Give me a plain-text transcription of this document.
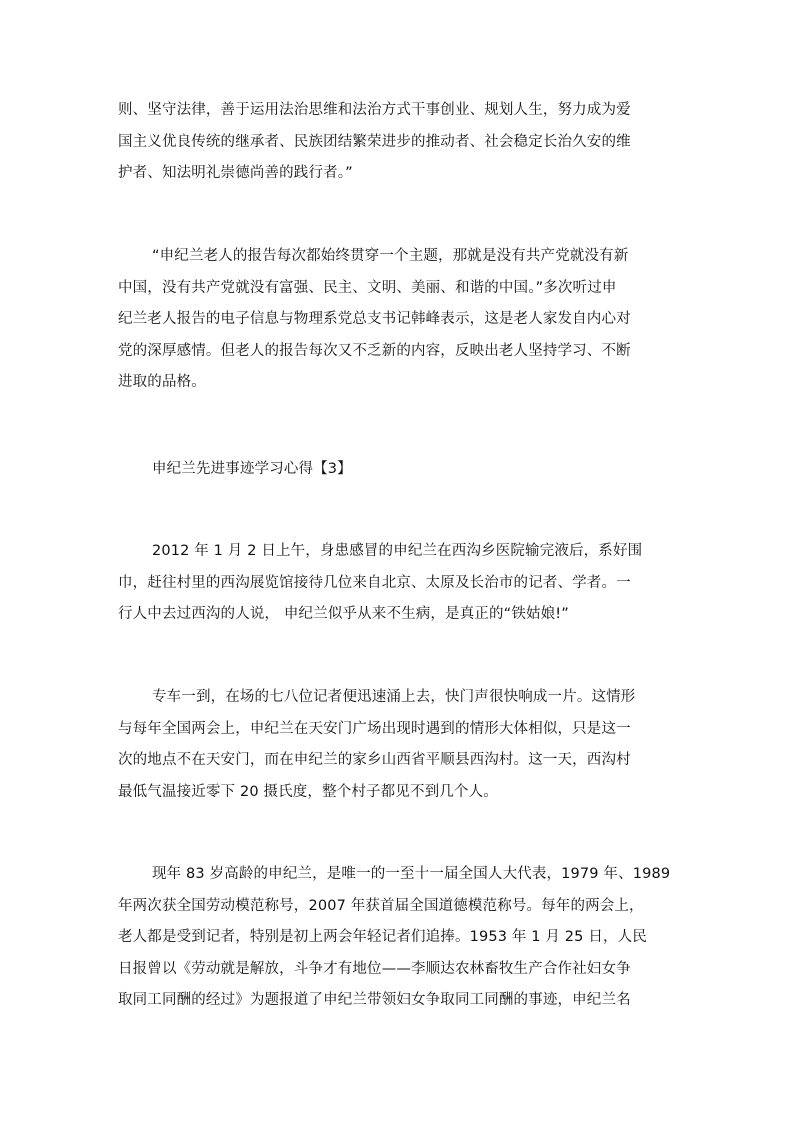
则、坚守法律，善于运用法治思维和法治方式干事创业、规划人生，努力成为爱
国主义优良传统的继承者、民族团结繁荣进步的推动者、社会稳定长治久安的维
护者、知法明礼崇德尚善的践行者。”
“申纪兰老人的报告每次都始终贯穿一个主题，那就是没有共产党就没有新
中国，没有共产党就没有富强、民主、文明、美丽、和谐的中国。”多次听过申
纪兰老人报告的电子信息与物理系党总支书记韩峰表示，这是老人家发自内心对
党的深厚感情。但老人的报告每次又不乏新的内容，反映出老人坚持学习、不断
进取的品格。
申纪兰先进事迹学习心得【3】
2012 年 1 月 2 日上午，身患感冒的申纪兰在西沟乡医院输完液后，系好围
巾，赶往村里的西沟展览馆接待几位来自北京、太原及长治市的记者、学者。一
行人中去过西沟的人说， 申纪兰似乎从来不生病，是真正的“铁姑娘!”
专车一到，在场的七八位记者便迅速涌上去，快门声很快响成一片。这情形
与每年全国两会上，申纪兰在天安门广场出现时遇到的情形大体相似，只是这一
次的地点不在天安门，而在申纪兰的家乡山西省平顺县西沟村。这一天，西沟村
最低气温接近零下 20 摄氏度，整个村子都见不到几个人。
现年 83 岁高龄的申纪兰，是唯一的一至十一届全国人大代表，1979 年、1989
年两次获全国劳动模范称号，2007 年获首届全国道德模范称号。每年的两会上，
老人都是受到记者，特别是初上两会年轻记者们追捧。1953 年 1 月 25 日，人民
日报曾以《劳动就是解放，斗争才有地位——李顺达农林畜牧生产合作社妇女争
取同工同酬的经过》为题报道了申纪兰带领妇女争取同工同酬的事迹，申纪兰名
